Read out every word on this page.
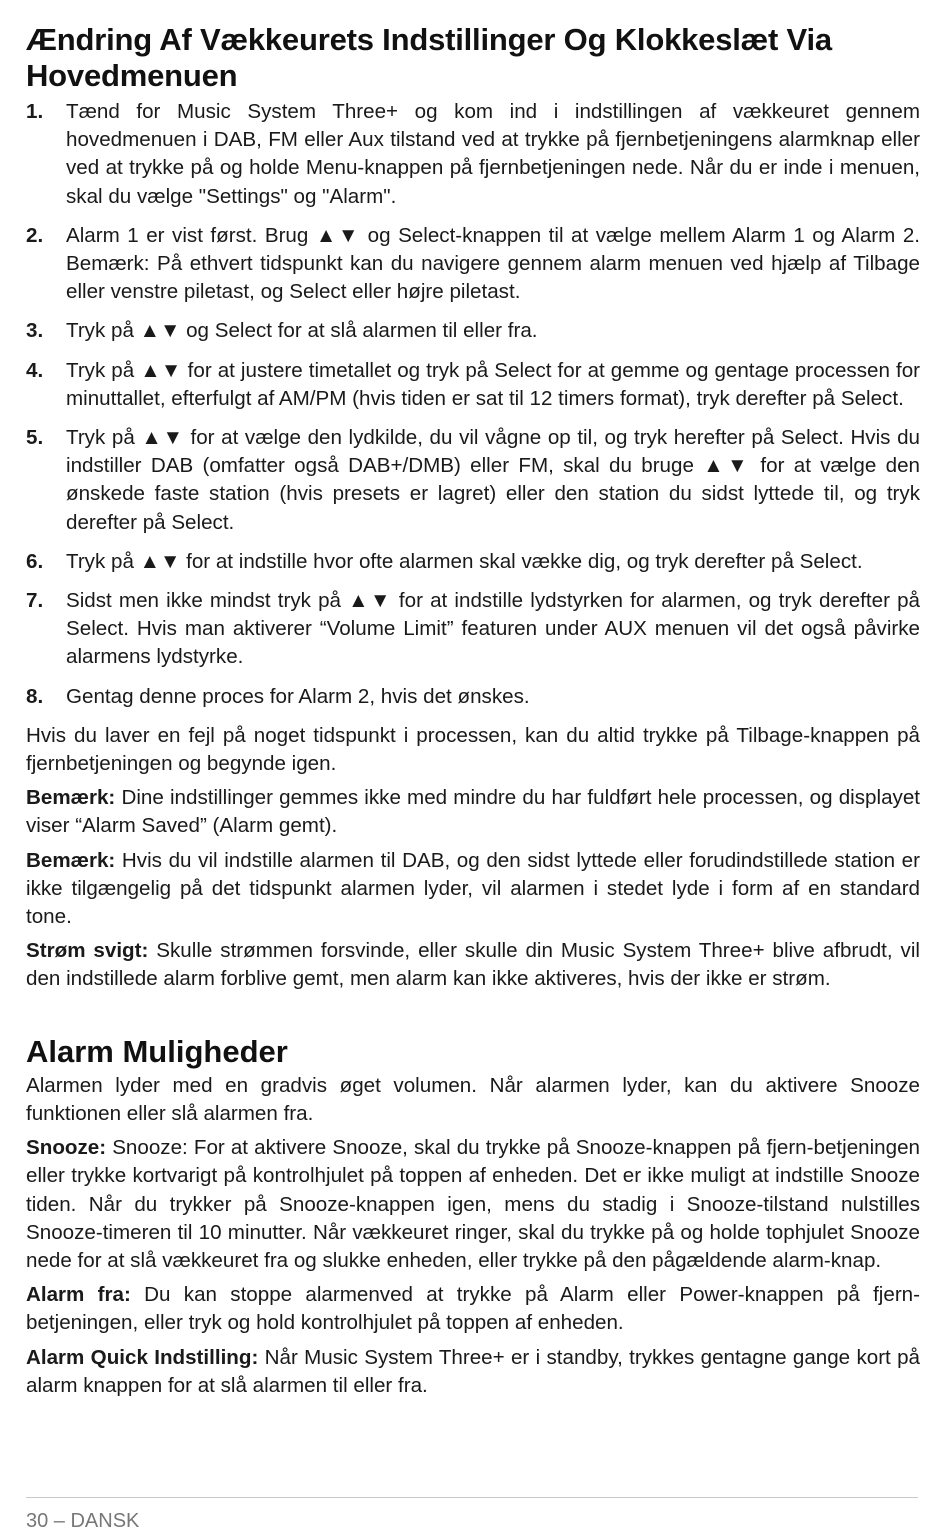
Ændring Af Vækkeurets Indstillinger Og Klokkeslæt Via Hovedmenuen
1.	Tænd for Music System Three+ og kom ind i indstillingen af vækkeuret gennem hovedmenuen i DAB, FM eller Aux tilstand ved at trykke på fjernbetjeningens alarmknap eller ved at trykke på og holde Menu-knappen på fjernbetjeningen nede. Når du er inde i menuen, skal du vælge "Settings" og "Alarm".
2.	Alarm 1 er vist først. Brug ▲▼ og Select-knappen til at vælge mellem Alarm 1 og Alarm 2. Bemærk: På ethvert tidspunkt kan du navigere gennem alarm menuen ved hjælp af Tilbage eller venstre piletast, og Select eller højre piletast.
3.	Tryk på ▲▼ og Select for at slå alarmen til eller fra.
4.	Tryk på ▲▼ for at justere timetallet og tryk på Select for at gemme og gentage processen for minuttallet, efterfulgt af AM/PM (hvis tiden er sat til 12 timers format), tryk derefter på Select.
5.	Tryk på ▲▼ for at vælge den lydkilde, du vil vågne op til, og tryk herefter på Select. Hvis du indstiller DAB (omfatter også DAB+/DMB) eller FM, skal du bruge ▲▼ for at vælge den ønskede faste station (hvis presets er lagret) eller den station du sidst lyttede til, og tryk derefter på Select.
6.	Tryk på ▲▼ for at indstille hvor ofte alarmen skal vække dig, og tryk derefter på Select.
7.	Sidst men ikke mindst tryk på ▲▼ for at indstille lydstyrken for alarmen, og tryk derefter på Select. Hvis man aktiverer “Volume Limit” featuren under AUX menuen vil det også påvirke alarmens lydstyrke.
8.	Gentag denne proces for Alarm 2, hvis det ønskes.

Hvis du laver en fejl på noget tidspunkt i processen, kan du altid trykke på Tilbage-knappen på fjernbetjeningen og begynde igen.

Bemærk: Dine indstillinger gemmes ikke med mindre du har fuldført hele processen, og displayet viser “Alarm Saved” (Alarm gemt).

Bemærk: Hvis du vil indstille alarmen til DAB, og den sidst lyttede eller forudindstillede station er ikke tilgængelig på det tidspunkt alarmen lyder, vil alarmen i stedet lyde i form af en standard tone.

Strøm svigt: Skulle strømmen forsvinde, eller skulle din Music System Three+ blive afbrudt, vil den indstillede alarm forblive gemt, men alarm kan ikke aktiveres, hvis der ikke er strøm.

Alarm Muligheder

Alarmen lyder med en gradvis øget volumen. Når alarmen lyder, kan du aktivere Snooze funktionen eller slå alarmen fra.

Snooze: Snooze: For at aktivere Snooze, skal du trykke på Snooze-knappen på fjern-betjeningen eller trykke kortvarigt på kontrolhjulet på toppen af enheden. Det er ikke muligt at indstille Snooze tiden. Når du trykker på Snooze-knappen igen, mens du stadig i Snooze-tilstand nulstilles Snooze-timeren til 10 minutter. Når vækkeuret ringer, skal du trykke på og holde tophjulet Snooze nede for at slå vækkeuret fra og slukke enheden, eller trykke på den pågældende alarm-knap.

Alarm fra: Du kan stoppe alarmenved at trykke på Alarm eller Power-knappen på fjern-betjeningen, eller tryk og hold kontrolhjulet på toppen af enheden.

Alarm Quick Indstilling: Når Music System Three+ er i standby, trykkes gentagne gange kort på alarm knappen for at slå alarmen til eller fra.

30 – DANSK
